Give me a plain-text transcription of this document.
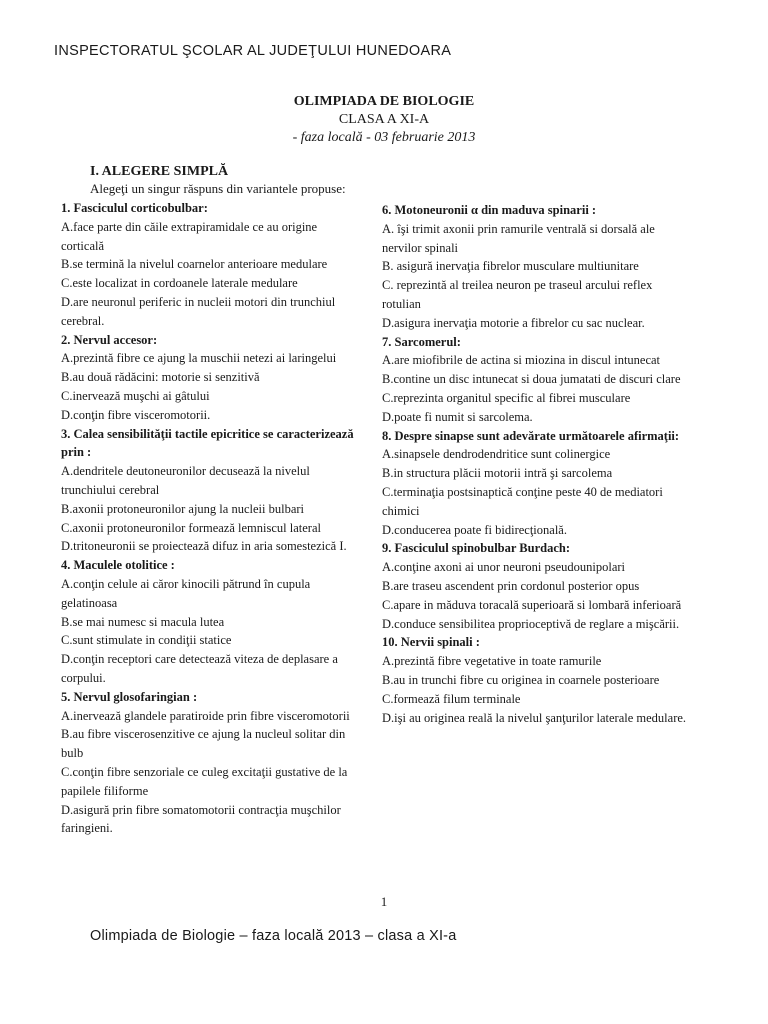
INSPECTORATUL ŞCOLAR AL JUDEŢULUI HUNEDOARA
OLIMPIADA DE BIOLOGIE
CLASA A XI-A
- faza locală - 03 februarie 2013
I. ALEGERE SIMPLĂ
Alegeţi un singur răspuns din variantele propuse:
1. Fasciculul corticobulbar:
A.face parte din căile extrapiramidale ce au origine corticală
B.se termină la nivelul coarnelor anterioare medulare
C.este localizat in cordoanele laterale medulare
D.are neuronul periferic in nucleii motori din trunchiul cerebral.
2. Nervul accesor:
A.prezintă fibre ce ajung la muschii netezi ai laringelui
B.au două rădăcini: motorie si senzitivă
C.inervează muşchi ai gâtului
D.conţin fibre visceromotorii.
3. Calea sensibilităţii tactile epicritice se caracterizează prin :
A.dendritele deutoneuronilor decusează la nivelul trunchiului cerebral
B.axonii protoneuronilor ajung la nucleii bulbari
C.axonii protoneuronilor formează lemniscul lateral
D.tritoneuronii se proiectează difuz in aria somestezică I.
4. Maculele otolitice :
A.conţin celule ai căror kinocili pătrund în cupula gelatinoasa
B.se mai numesc si macula lutea
C.sunt stimulate in condiţii statice
D.conţin receptori care detectează viteza de deplasare a corpului.
5. Nervul glosofaringian :
A.inervează glandele paratiroide prin fibre visceromotorii
B.au fibre viscerosenzitive ce ajung la nucleul solitar din bulb
C.conţin fibre senzoriale ce culeg excitaţii gustative de la papilele filiforme
D.asigură prin fibre somatomotorii contracţia muşchilor faringieni.
6. Motoneuronii α din maduva spinarii :
A. îşi trimit axonii prin ramurile ventrală si dorsală ale nervilor spinali
B. asigură inervaţia fibrelor musculare multiunitare
C. reprezintă al treilea neuron pe traseul arcului reflex rotulian
D.asigura inervaţia motorie a fibrelor cu sac nuclear.
7. Sarcomerul:
A.are miofibrile de actina si miozina in discul intunecat
B.contine un disc intunecat si doua jumatati de discuri clare
C.reprezinta organitul specific al fibrei musculare
D.poate fi numit si sarcolema.
8. Despre sinapse sunt adevărate următoarele afirmaţii:
A.sinapsele dendrodendritice sunt colinergice
B.in structura plăcii motorii intră şi sarcolema
C.terminaţia postsinaptică conţine peste 40 de mediatori chimici
D.conducerea poate fi bidirecţională.
9. Fasciculul spinobulbar Burdach:
A.conţine axoni ai unor neuroni pseudounipolari
B.are traseu ascendent prin cordonul posterior opus
C.apare in măduva toracală superioară si lombară inferioară
D.conduce sensibilitea proprioceptivă de reglare a mişcării.
10. Nervii spinali :
A.prezintă fibre vegetative in toate ramurile
B.au in trunchi fibre cu originea in coarnele posterioare
C.formează filum terminale
D.işi au originea reală la nivelul şanţurilor laterale medulare.
1
Olimpiada de Biologie – faza locală 2013 – clasa a XI-a
